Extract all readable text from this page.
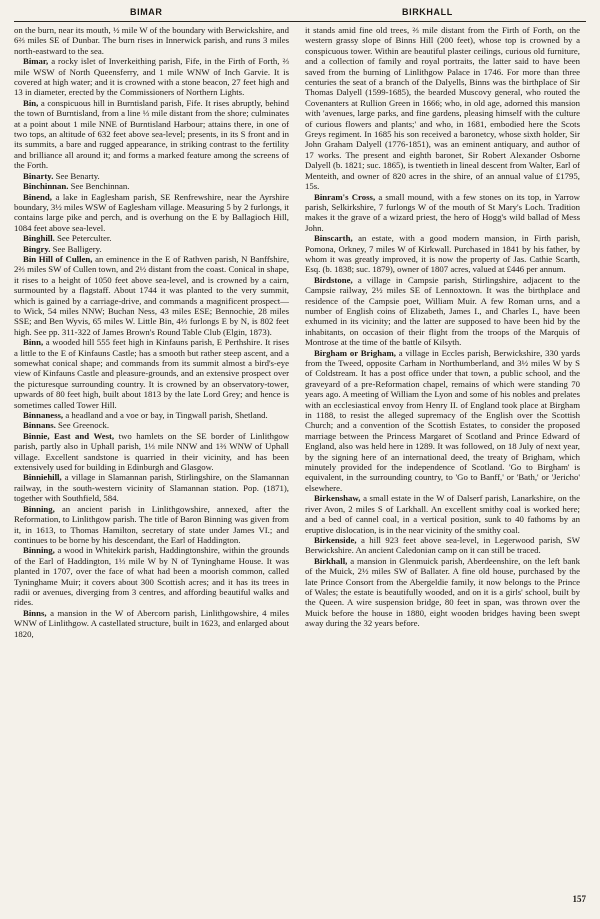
BIMAR	BIRKHALL

on the burn, near its mouth, ½ mile W of the boundary with Berwickshire, and 6⅔ miles SE of Dunbar. The burn rises in Innerwick parish, and runs 3 miles north-eastward to the sea.

Bimar, a rocky islet of Inverkeithing parish, Fife, in the Firth of Forth, ⅔ mile WSW of North Queensferry, and 1 mile WNW of Inch Garvie. It is covered at high water; and it is crowned with a stone beacon, 27 feet high and 13 in diameter, erected by the Commissioners of Northern Lights.

Bin, a conspicuous hill in Burntisland parish, Fife. It rises abruptly, behind the town of Burntisland, from a line ⅓ mile distant from the shore; culminates at a point about 1 mile NNE of Burntisland Harbour; attains there, in one of two tops, an altitude of 632 feet above sea-level; presents, in its S front and in its summits, a bare and rugged appearance, in striking contrast to the fertility and brilliance all around it; and forms a marked feature among the screens of the Forth.

Binarty. See Benarty.

Binchinnan. See Benchinnan.

Binend, a lake in Eaglesham parish, SE Renfrewshire, near the Ayrshire boundary, 3½ miles WSW of Eaglesham village. Measuring 5 by 2 furlongs, it contains large pike and perch, and is overhung on the E by Ballagioch Hill, 1084 feet above sea-level.

Binghill. See Peterculter.

Bingry. See Balligery.

Bin Hill of Cullen, an eminence in the E of Rathven parish, N Banffshire, 2⅔ miles SW of Cullen town, and 2½ distant from the coast. Conical in shape, it rises to a height of 1050 feet above sea-level, and is crowned by a cairn, surmounted by a flagstaff. About 1744 it was planted to the very summit, which is gained by a carriage-drive, and commands a magnificent prospect—to Wick, 54 miles NNW; Buchan Ness, 43 miles ESE; Bennochie, 28 miles SSE; and Ben Wyvis, 65 miles W. Little Bin, 4⅔ furlongs E by N, is 802 feet high. See pp. 311-322 of James Brown's Round Table Club (Elgin, 1873).

Binn, a wooded hill 555 feet high in Kinfauns parish, E Perthshire. It rises a little to the E of Kinfauns Castle; has a smooth but rather steep ascent, and a somewhat conical shape; and commands from its summit almost a bird's-eye view of Kinfauns Castle and pleasure-grounds, and an extensive prospect over the picturesque surrounding country. It is crowned by an observatory-tower, upwards of 80 feet high, built about 1813 by the late Lord Grey; and hence is sometimes called Tower Hill.

Binnaness, a headland and a voe or bay, in Tingwall parish, Shetland.

Binnans. See Greenock.

Binnie, East and West, two hamlets on the SE border of Linlithgow parish, partly also in Uphall parish, 1⅓ mile NNW and 1⅔ WNW of Uphall village. Excellent sandstone is quarried in their vicinity, and has been extensively used for building in Edinburgh and Glasgow.

Binniehill, a village in Slamannan parish, Stirlingshire, on the Slamannan railway, in the south-western vicinity of Slamannan station. Pop. (1871), together with Southfield, 584.

Binning, an ancient parish in Linlithgowshire, annexed, after the Reformation, to Linlithgow parish. The title of Baron Binning was given from it, in 1613, to Thomas Hamilton, secretary of state under James VI.; and continues to be borne by his descendant, the Earl of Haddington.

Binning, a wood in Whitekirk parish, Haddingtonshire, within the grounds of the Earl of Haddington, 1⅓ mile W by N of Tyninghame House. It was planted in 1707, over the face of what had been a moorish common, called Tyninghame Muir; it covers about 300 Scottish acres; and it has its trees in radii or avenues, diverging from 3 centres, and affording beautiful walks and rides.

Binns, a mansion in the W of Abercorn parish, Linlithgowshire, 4 miles WNW of Linlithgow. A castellated structure, built in 1623, and enlarged about 1820,

it stands amid fine old trees, ⅔ mile distant from the Firth of Forth, on the western grassy slope of Binns Hill (200 feet), whose top is crowned by a conspicuous tower. Within are beautiful plaster ceilings, curious old furniture, and a collection of family and royal portraits, the latter said to have been saved from the burning of Linlithgow Palace in 1746. For more than three centuries the seat of a branch of the Dalyells, Binns was the birthplace of Sir Thomas Dalyell (1599-1685), the bearded Muscovy general, who routed the Covenanters at Rullion Green in 1666; who, in old age, adorned this mansion with 'avenues, large parks, and fine gardens, pleasing himself with the culture of curious flowers and plants;' and who, in 1681, embodied here the Scots Greys regiment. In 1685 his son received a baronetcy, whose sixth holder, Sir John Graham Dalyell (1776-1851), was an eminent antiquary, and author of 17 works. The present and eighth baronet, Sir Robert Alexander Osborne Dalyell (b. 1821; suc. 1865), is twentieth in lineal descent from Walter, Earl of Menteith, and owner of 820 acres in the shire, of an annual value of £1795, 15s.

Binram's Cross, a small mound, with a few stones on its top, in Yarrow parish, Selkirkshire, 7 furlongs W of the mouth of St Mary's Loch. Tradition makes it the grave of a wizard priest, the hero of Hogg's wild ballad of Mess John.

Binscarth, an estate, with a good modern mansion, in Firth parish, Pomona, Orkney, 7 miles W of Kirkwall. Purchased in 1841 by his father, by whom it was greatly improved, it is now the property of Jas. Cathie Scarth, Esq. (b. 1838; suc. 1879), owner of 1807 acres, valued at £446 per annum.

Birdstone, a village in Campsie parish, Stirlingshire, adjacent to the Campsie railway, 2½ miles SE of Lennoxtown. It was the birthplace and residence of the Campsie poet, William Muir. A few Roman urns, and a number of English coins of Elizabeth, James I., and Charles I., have been exhumed in its vicinity; and the latter are supposed to have been hid by the inhabitants, on occasion of their flight from the troops of the Marquis of Montrose at the time of the battle of Kilsyth.

Birgham or Brigham, a village in Eccles parish, Berwickshire, 330 yards from the Tweed, opposite Carham in Northumberland, and 3½ miles W by S of Coldstream. It has a post office under that town, a public school, and the graveyard of a pre-Reformation chapel, remains of which were standing 70 years ago. A meeting of William the Lyon and some of his nobles and prelates with an ecclesiastical envoy from Henry II. of England took place at Birgham in 1188, to resist the alleged supremacy of the English over the Scottish Church; and a convention of the Scottish Estates, to consider the proposed marriage between the Princess Margaret of Scotland and Prince Edward of England, also was held here in 1289. It was followed, on 18 July of next year, by the signing here of an international deed, the treaty of Brigham, which minutely provided for the independence of Scotland. 'Go to Birgham' is equivalent, in the surrounding country, to 'Go to Banff,' or 'Bath,' or 'Jericho' elsewhere.

Birkenshaw, a small estate in the W of Dalserf parish, Lanarkshire, on the river Avon, 2 miles S of Larkhall. An excellent smithy coal is worked here; and a bed of cannel coal, in a vertical position, sunk to 40 fathoms by an eruptive dislocation, is in the near vicinity of the smithy coal.

Birkenside, a hill 923 feet above sea-level, in Legerwood parish, SW Berwickshire. An ancient Caledonian camp on it can still be traced.

Birkhall, a mansion in Glenmuick parish, Aberdeenshire, on the left bank of the Muick, 2½ miles SW of Ballater. A fine old house, purchased by the late Prince Consort from the Abergeldie family, it now belongs to the Prince of Wales; the estate is beautifully wooded, and on it is a girls' school, built by the Queen. A wire suspension bridge, 80 feet in span, was thrown over the Muick before the house in 1880, eight wooden bridges having been swept away during the 32 years before.

157
